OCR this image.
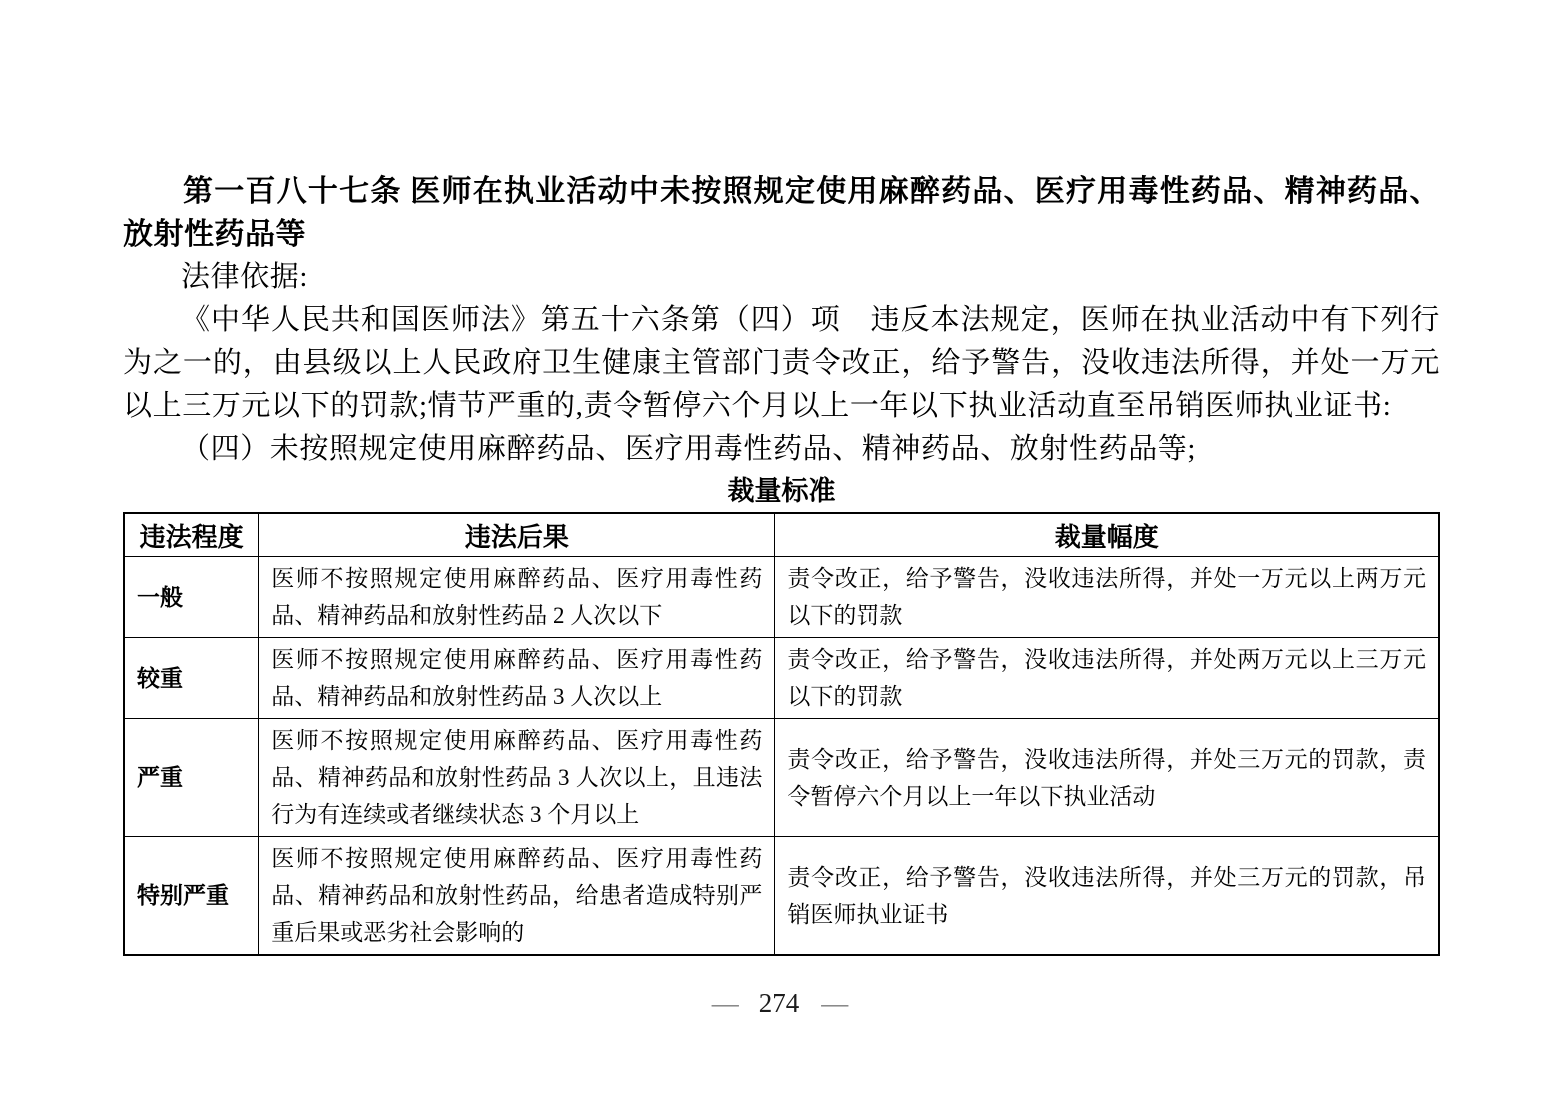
第一百八十七条 医师在执业活动中未按照规定使用麻醉药品、医疗用毒性药品、精神药品、放射性药品等

法律依据:

《中华人民共和国医师法》第五十六条第（四）项　违反本法规定，医师在执业活动中有下列行为之一的，由县级以上人民政府卫生健康主管部门责令改正，给予警告，没收违法所得，并处一万元以上三万元以下的罚款;情节严重的,责令暂停六个月以上一年以下执业活动直至吊销医师执业证书:

（四）未按照规定使用麻醉药品、医疗用毒性药品、精神药品、放射性药品等;

裁量标准
违法程度	违法后果	裁量幅度
一般	医师不按照规定使用麻醉药品、医疗用毒性药品、精神药品和放射性药品 2 人次以下	责令改正，给予警告，没收违法所得，并处一万元以上两万元以下的罚款
较重	医师不按照规定使用麻醉药品、医疗用毒性药品、精神药品和放射性药品 3 人次以上	责令改正，给予警告，没收违法所得，并处两万元以上三万元以下的罚款
严重	医师不按照规定使用麻醉药品、医疗用毒性药品、精神药品和放射性药品 3 人次以上，且违法行为有连续或者继续状态 3 个月以上	责令改正，给予警告，没收违法所得，并处三万元的罚款，责令暂停六个月以上一年以下执业活动
特别严重	医师不按照规定使用麻醉药品、医疗用毒性药品、精神药品和放射性药品，给患者造成特别严重后果或恶劣社会影响的	责令改正，给予警告，没收违法所得，并处三万元的罚款，吊销医师执业证书
— 274 —
